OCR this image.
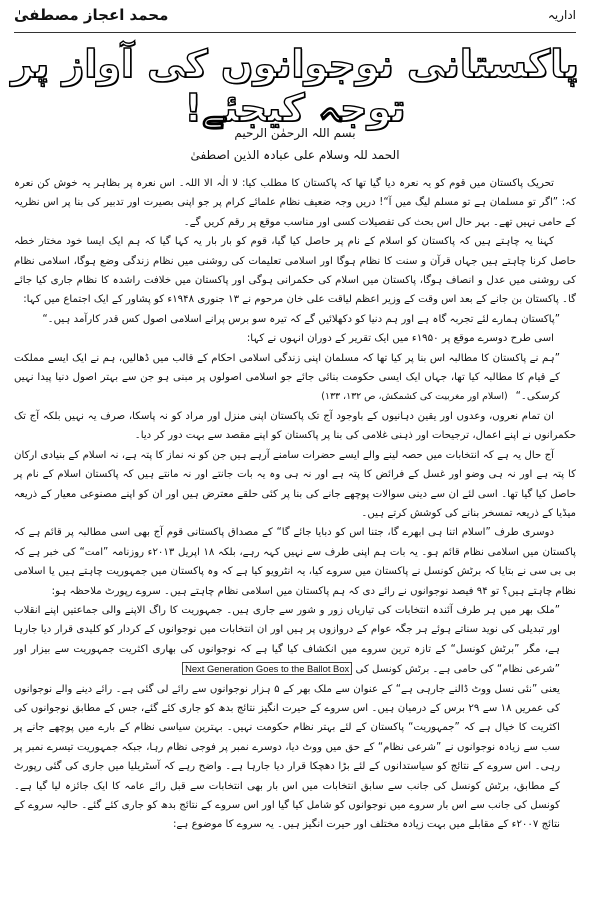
اداریہ
محمد اعجاز مصطفیٰ
پاکستانی نوجوانوں کی آواز پر توجہ کیجئے!
بسم اللہ الرحمٰن الرحیم
الحمد للہ وسلام علی عبادہ الذین اصطفیٰ

تحریک پاکستان میں قوم کو یہ نعرہ دیا گیا تھا کہ پاکستان کا مطلب کیا: لا الٰہ الا اللہ۔ اس نعرہ پر بظاہر یہ خوش کن نعرہ کہ: ”اگر تو مسلمان ہے تو مسلم لیگ میں آ“! دریں وجہ ضعیف نظام علمائے کرام پر جو اپنی بصیرت اور تدبیر کی بنا پر اس نظریہ کے حامی نہیں تھے۔ بہر حال اس بحث کی تفصیلات کسی اور مناسب موقع پر رقم کریں گے۔

کہنا یہ چاہتے ہیں کہ پاکستان کو اسلام کے نام پر حاصل کیا گیا، قوم کو بار بار یہ کہا گیا کہ ہم ایک ایسا خود مختار خطہ حاصل کرنا چاہتے ہیں جہاں قرآن و سنت کا نظام ہوگا اور اسلامی تعلیمات کی روشنی میں نظام زندگی وضع ہوگا، اسلامی نظام کی روشنی میں عدل و انصاف ہوگا، پاکستان میں اسلام کی حکمرانی ہوگی اور پاکستان میں خلافت راشدہ کا نظام جاری کیا جائے گا۔ پاکستان بن جانے کے بعد اس وقت کے وزیر اعظم لیاقت علی خان مرحوم نے ۱۳ جنوری ۱۹۴۸ء کو پشاور کے ایک اجتماع میں کہا:

”پاکستان ہمارے لئے تجربہ گاہ ہے اور ہم دنیا کو دکھلائیں گے کہ تیرہ سو برس پرانے اسلامی اصول کس قدر کارآمد ہیں۔“

اسی طرح دوسرے موقع پر ۱۹۵۰ء میں ایک تقریر کے دوران انہوں نے کہا:

”ہم نے پاکستان کا مطالبہ اس بنا پر کیا تھا کہ مسلمان اپنی زندگی اسلامی احکام کے قالب میں ڈھالیں، ہم نے ایک ایسے مملکت کے قیام کا مطالبہ کیا تھا، جہاں ایک ایسی حکومت بنائی جائے جو اسلامی اصولوں پر مبنی ہو جن سے بہتر اصول دنیا پیدا نہیں کرسکی۔“(اسلام اور مغربیت کی کشمکش، ص ۱۳۲، ۱۳۳)

ان تمام نعروں، وعدوں اور یقین دہانیوں کے باوجود آج تک پاکستان اپنی منزل اور مراد کو نہ پاسکا، صرف یہ نہیں بلکہ آج تک حکمرانوں نے اپنے اعمال، ترجیحات اور ذہنی غلامی کی بنا پر پاکستان کو اپنے مقصد سے بہت دور کر دیا۔

آج حال یہ ہے کہ انتخابات میں حصہ لینے والے ایسے حضرات سامنے آرہے ہیں جن کو نہ نماز کا پتہ ہے، نہ اسلام کے بنیادی ارکان کا پتہ ہے اور نہ ہی وضو اور غسل کے فرائض کا پتہ ہے اور نہ ہی وہ یہ بات جانتے اور نہ مانتے ہیں کہ پاکستان اسلام کے نام پر حاصل کیا گیا تھا۔ اسی لئے ان سے دینی سوالات پوچھے جانے کی بنا پر کئی حلقے معترض ہیں اور ان کو اپنے مصنوعی معیار کے ذریعہ میڈیا کے ذریعہ تمسخر بنانے کی کوشش کرتے ہیں۔

دوسری طرف ”اسلام اتنا ہی ابھرے گا، جتنا اس کو دبایا جائے گا“ کے مصداق پاکستانی قوم آج بھی اسی مطالبہ پر قائم ہے کہ پاکستان میں اسلامی نظام قائم ہو۔ یہ بات ہم اپنی طرف سے نہیں کہہ رہے، بلکہ ۱۸ اپریل ۲۰۱۳ء روزنامہ ”امت“ کی خبر ہے کہ بی بی سی نے بتایا کہ برٹش کونسل نے پاکستان میں سروے کیا، یہ انٹرویو کیا ہے کہ وہ پاکستان میں جمہوریت چاہتے ہیں یا اسلامی نظام چاہتے ہیں؟ تو ۹۴ فیصد نوجوانوں نے رائے دی کہ ہم پاکستان میں اسلامی نظام چاہتے ہیں۔ سروے رپورٹ ملاحظہ ہو:

”ملک بھر میں ہر طرف آئندہ انتخابات کی تیاریاں زور و شور سے جاری ہیں۔ جمہوریت کا راگ الاپنے والی جماعتیں اپنے انقلاب اور تبدیلی کی نوید سناتے ہوئے ہر جگہ عوام کے دروازوں پر ہیں اور ان انتخابات میں نوجوانوں کے کردار کو کلیدی قرار دیا جارہا ہے، مگر ”برٹش کونسل“ کے تازہ ترین سروے میں انکشاف کیا گیا ہے کہ نوجوانوں کی بھاری اکثریت جمہوریت سے بیزار اور ”شرعی نظام“ کی حامی ہے۔ برٹش کونسل کی Next Generation Goes to the Ballot Box

یعنی ”نئی نسل ووٹ ڈالنے جارہی ہے“ کے عنوان سے ملک بھر کے ۵ ہزار نوجوانوں سے رائے لی گئی ہے۔ رائے دینے والے نوجوانوں کی عمریں ۱۸ سے ۲۹ برس کے درمیان ہیں۔ اس سروے کے حیرت انگیز نتائج بدھ کو جاری کئے گئے، جس کے مطابق نوجوانوں کی اکثریت کا خیال ہے کہ ”جمہوریت“ پاکستان کے لئے بہتر نظام حکومت نہیں۔ بہترین سیاسی نظام کے بارے میں پوچھے جانے پر سب سے زیادہ نوجوانوں نے ”شرعی نظام“ کے حق میں ووٹ دیا، دوسرے نمبر پر فوجی نظام رہا، جبکہ جمہوریت تیسرے نمبر پر رہی۔ اس سروے کے نتائج کو سیاستدانوں کے لئے بڑا دھچکا قرار دیا جارہا ہے۔ واضح رہے کہ آسٹریلیا میں جاری کی گئی رپورٹ کے مطابق، برٹش کونسل کی جانب سے سابق انتخابات میں اس بار بھی انتخابات سے قبل رائے عامہ کا ایک جائزہ لیا گیا ہے۔ کونسل کی جانب سے اس بار سروے میں نوجوانوں کو شامل کیا گیا اور اس سروے کے نتائج بدھ کو جاری کئے گئے۔ حالیہ سروے کے نتائج ۲۰۰۷ء کے مقابلے میں بہت زیادہ مختلف اور حیرت انگیز ہیں۔ یہ سروے کا موضوع ہے:
